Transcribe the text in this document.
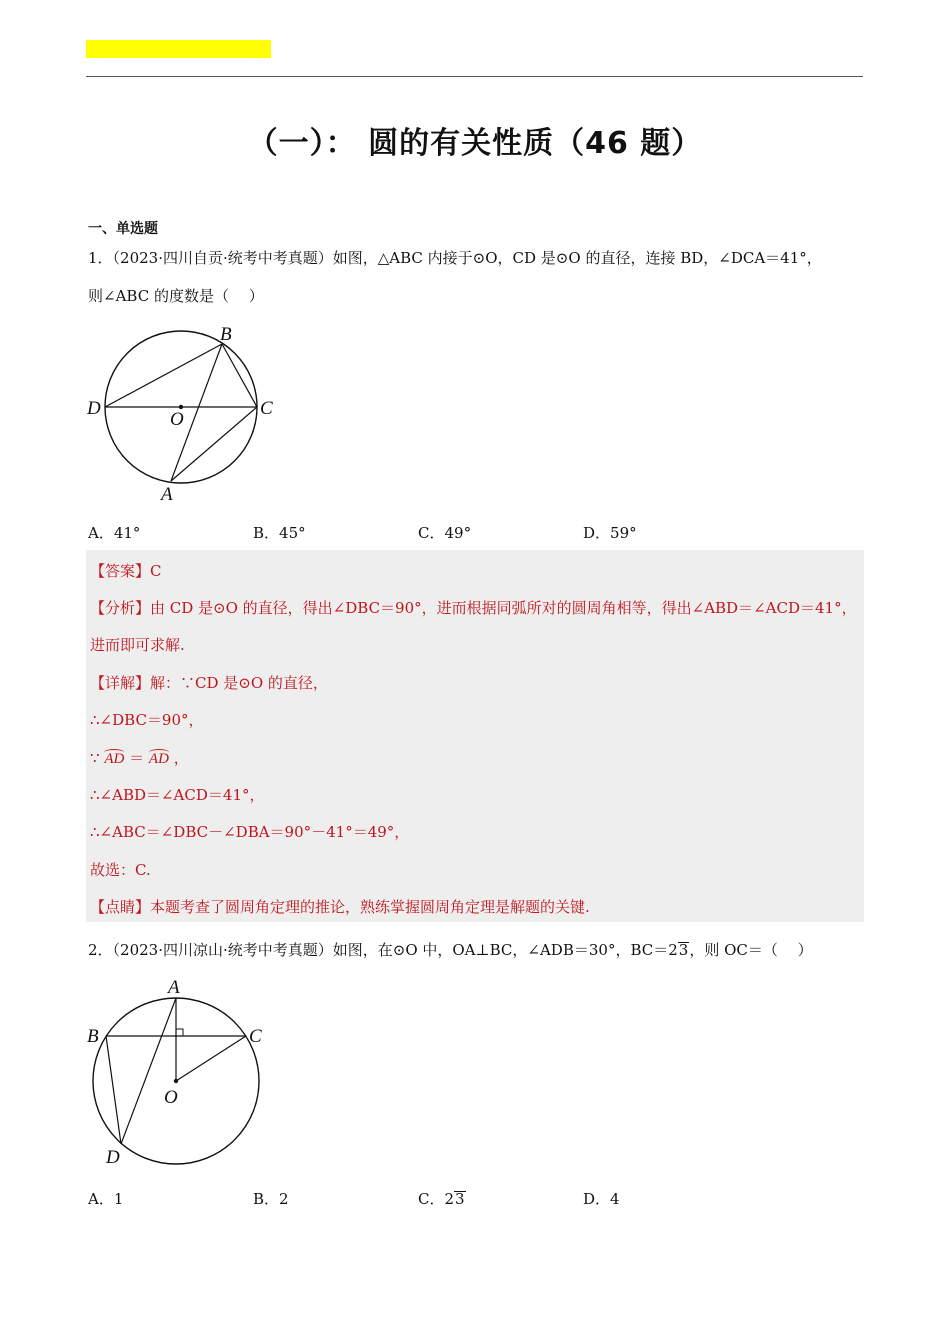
（一）： 圆的有关性质（46 题）
一、单选题
1．（2023·四川自贡·统考中考真题）如图，△ABC 内接于⊙O，CD 是⊙O 的直径，连接 BD，∠DCA＝41°，
则∠ABC 的度数是（　 ）
B
D
O
C
A
A．41°	B．45°	C．49°	D．59°
【答案】C
【分析】由 CD 是⊙O 的直径，得出∠DBC＝90°，进而根据同弧所对的圆周角相等，得出∠ABD＝∠ACD＝41°，
进而即可求解.
【详解】解：∵CD 是⊙O 的直径，
∴∠DBC＝90°，
∵ AD ＝ AD ，
∴∠ABD＝∠ACD＝41°，
∴∠ABC＝∠DBC－∠DBA＝90°－41°＝49°，
故选：C.
【点睛】本题考查了圆周角定理的推论，熟练掌握圆周角定理是解题的关键.
2．（2023·四川凉山·统考中考真题）如图，在⊙O 中，OA⊥BC，∠ADB＝30°，BC＝23，则 OC＝（　 ）
A
B	C
O
D
A．1	B．2	C．23	D．4
